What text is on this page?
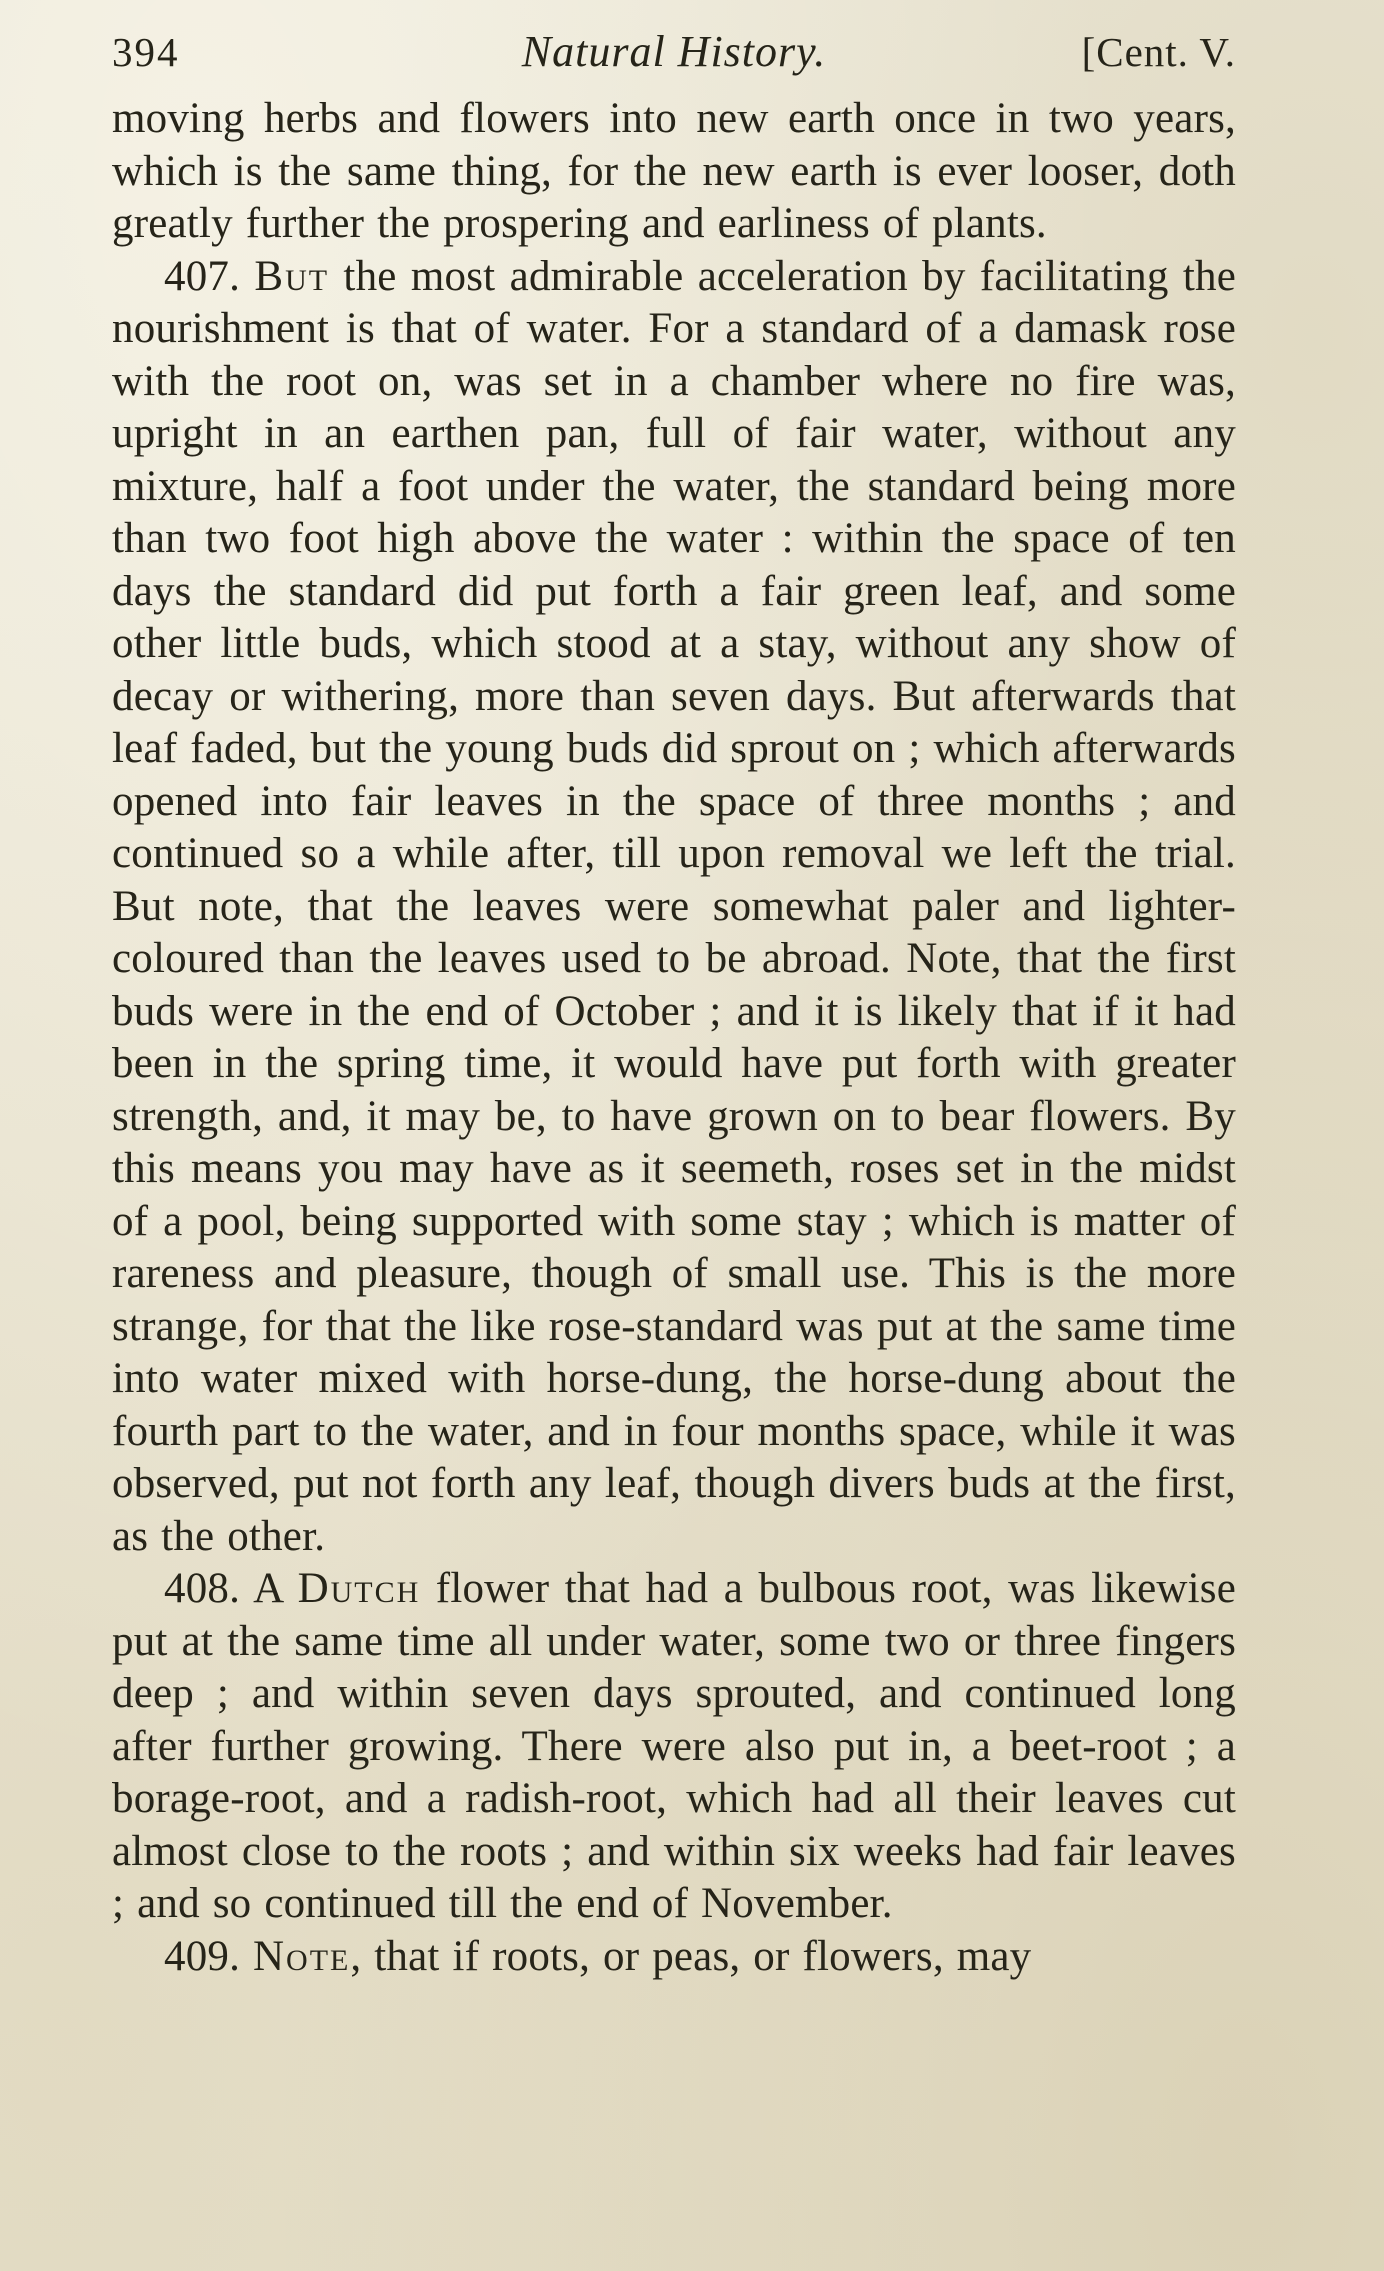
394	Natural History.	[Cent. V.

moving herbs and flowers into new earth once in two years, which is the same thing, for the new earth is ever looser, doth greatly further the prospering and earliness of plants.

407. But the most admirable acceleration by facilitating the nourishment is that of water. For a standard of a damask rose with the root on, was set in a chamber where no fire was, upright in an earthen pan, full of fair water, without any mixture, half a foot under the water, the standard being more than two foot high above the water : within the space of ten days the standard did put forth a fair green leaf, and some other little buds, which stood at a stay, without any show of decay or withering, more than seven days. But afterwards that leaf faded, but the young buds did sprout on ; which afterwards opened into fair leaves in the space of three months ; and continued so a while after, till upon removal we left the trial. But note, that the leaves were somewhat paler and lighter-coloured than the leaves used to be abroad. Note, that the first buds were in the end of October ; and it is likely that if it had been in the spring time, it would have put forth with greater strength, and, it may be, to have grown on to bear flowers. By this means you may have as it seemeth, roses set in the midst of a pool, being supported with some stay ; which is matter of rareness and pleasure, though of small use. This is the more strange, for that the like rose-standard was put at the same time into water mixed with horse-dung, the horse-dung about the fourth part to the water, and in four months space, while it was observed, put not forth any leaf, though divers buds at the first, as the other.

408. A Dutch flower that had a bulbous root, was likewise put at the same time all under water, some two or three fingers deep ; and within seven days sprouted, and continued long after further growing. There were also put in, a beet-root ; a borage-root, and a radish-root, which had all their leaves cut almost close to the roots ; and within six weeks had fair leaves ; and so continued till the end of November.

409. Note, that if roots, or peas, or flowers, may
